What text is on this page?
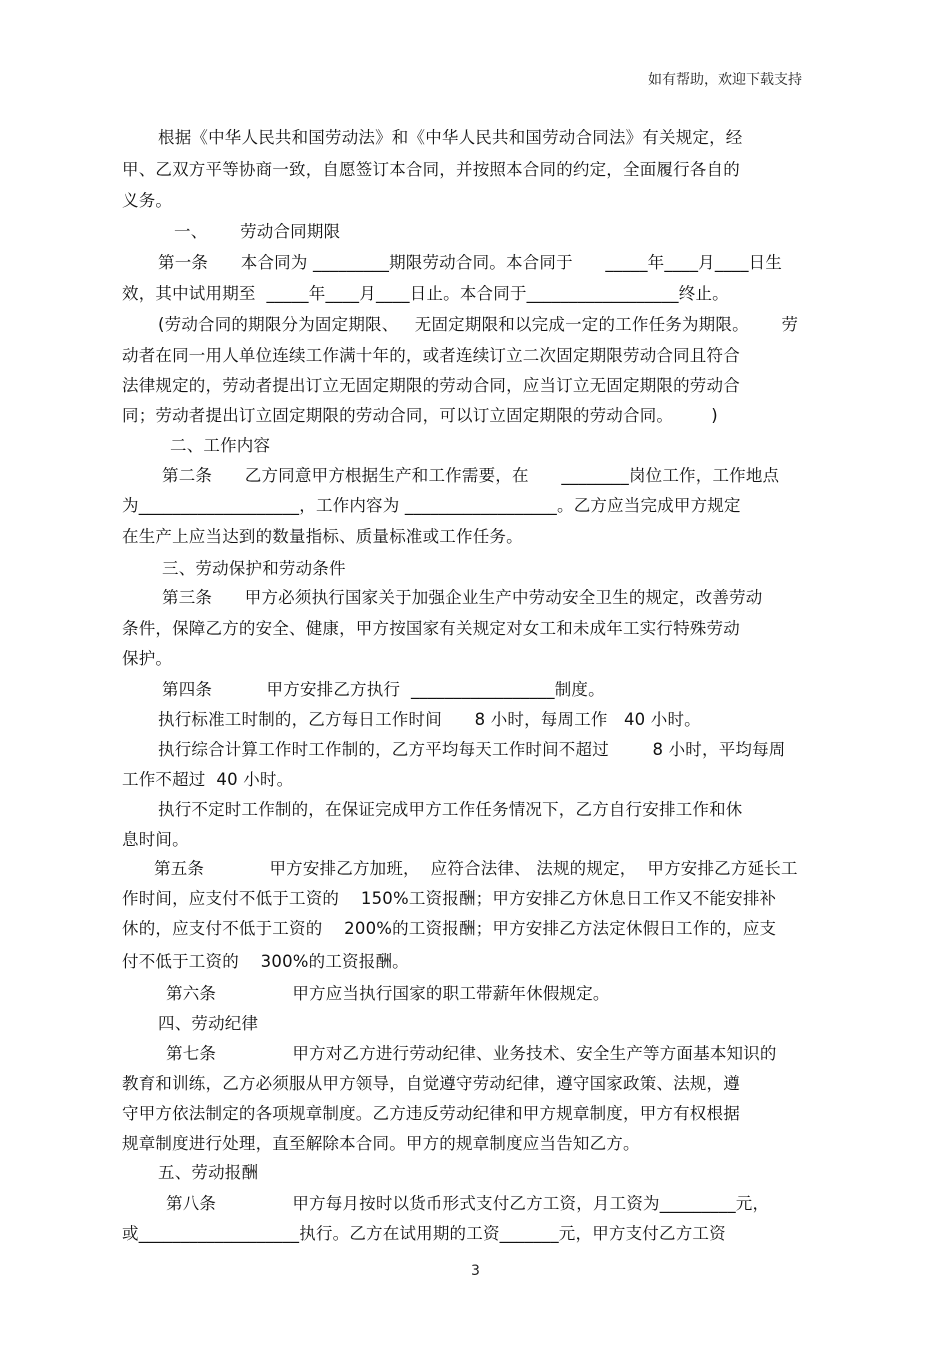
如有帮助，欢迎下载支持
根据《中华人民共和国劳动法》和《中华人民共和国劳动合同法》有关规定，经
甲、乙双方平等协商一致，自愿签订本合同，并按照本合同的约定，全面履行各自的
义务。
一、      劳动合同期限
第一条      本合同为 _________期限劳动合同。本合同于      _____年____月____日生
效，其中试用期至  _____年____月____日止。本合同于__________________终止。
(劳动合同的期限分为固定期限、   无固定期限和以完成一定的工作任务为期限。      劳
动者在同一用人单位连续工作满十年的，或者连续订立二次固定期限劳动合同且符合
法律规定的，劳动者提出订立无固定期限的劳动合同，应当订立无固定期限的劳动合
同；劳动者提出订立固定期限的劳动合同，可以订立固定期限的劳动合同。       )
二、工作内容
第二条      乙方同意甲方根据生产和工作需要，在      ________岗位工作，工作地点
为___________________，工作内容为 __________________。乙方应当完成甲方规定
在生产上应当达到的数量指标、质量标准或工作任务。
三、劳动保护和劳动条件
第三条      甲方必须执行国家关于加强企业生产中劳动安全卫生的规定，改善劳动
条件，保障乙方的安全、健康，甲方按国家有关规定对女工和未成年工实行特殊劳动
保护。
第四条          甲方安排乙方执行  _________________制度。
执行标准工时制的，乙方每日工作时间      8 小时，每周工作   40 小时。
执行综合计算工作时工作制的，乙方平均每天工作时间不超过        8 小时，平均每周
工作不超过  40 小时。
执行不定时工作制的，在保证完成甲方工作任务情况下，乙方自行安排工作和休
息时间。
第五条            甲方安排乙方加班，  应符合法律、 法规的规定，  甲方安排乙方延长工
作时间，应支付不低于工资的    150%工资报酬；甲方安排乙方休息日工作又不能安排补
休的，应支付不低于工资的    200%的工资报酬；甲方安排乙方法定休假日工作的，应支
付不低于工资的    300%的工资报酬。
第六条              甲方应当执行国家的职工带薪年休假规定。
四、劳动纪律
第七条              甲方对乙方进行劳动纪律、业务技术、安全生产等方面基本知识的
教育和训练，乙方必须服从甲方领导，自觉遵守劳动纪律，遵守国家政策、法规，遵
守甲方依法制定的各项规章制度。乙方违反劳动纪律和甲方规章制度，甲方有权根据
规章制度进行处理，直至解除本合同。甲方的规章制度应当告知乙方。
五、劳动报酬
第八条              甲方每月按时以货币形式支付乙方工资，月工资为_________元，
或___________________执行。乙方在试用期的工资_______元，甲方支付乙方工资
3
